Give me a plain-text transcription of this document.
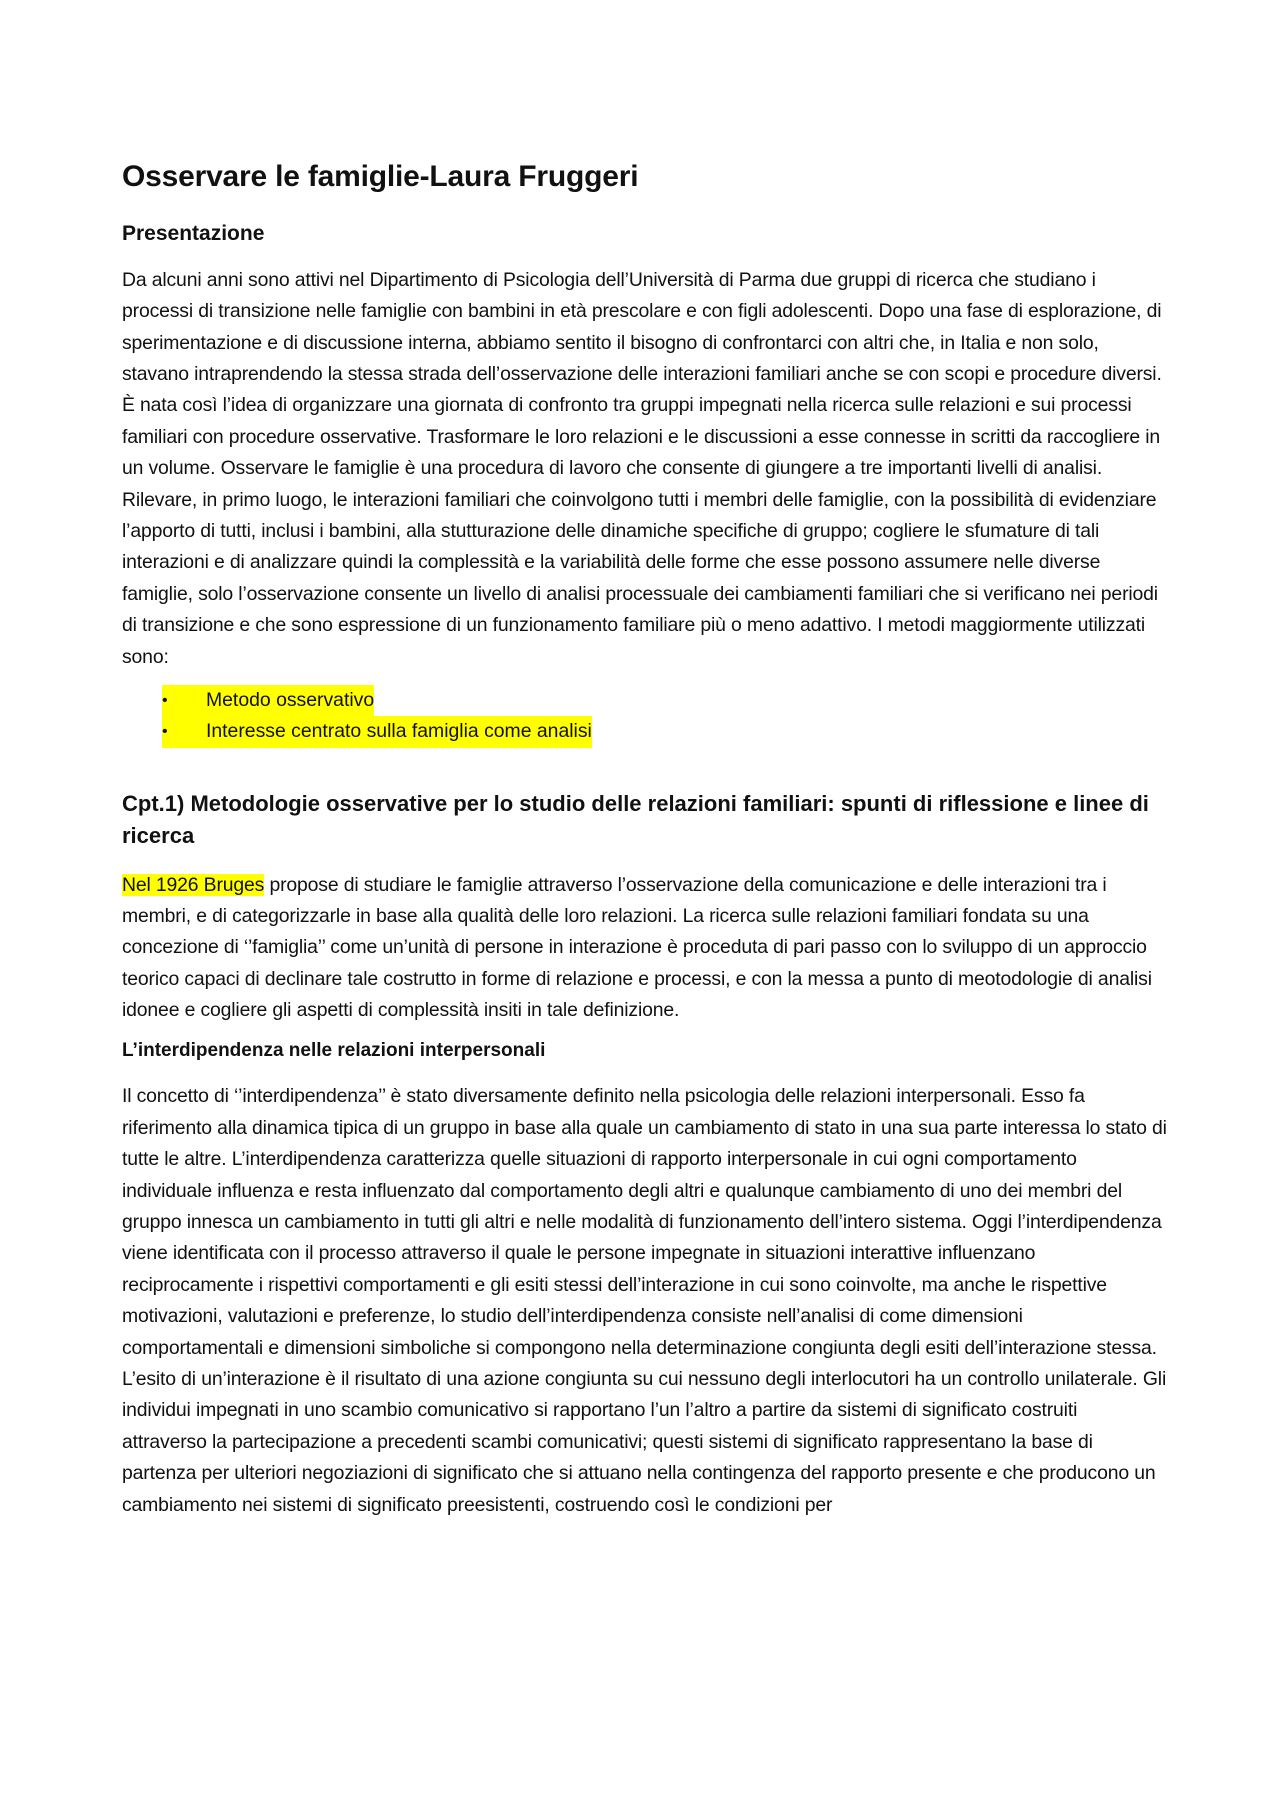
Osservare le famiglie-Laura Fruggeri
Presentazione

Da alcuni anni sono attivi nel Dipartimento di Psicologia dell’Università di Parma due gruppi di ricerca che studiano i processi di transizione nelle famiglie con bambini in età prescolare e con figli adolescenti. Dopo una fase di esplorazione, di sperimentazione e di discussione interna, abbiamo sentito il bisogno di confrontarci con altri che, in Italia e non solo, stavano intraprendendo la stessa strada dell’osservazione delle interazioni familiari anche se con scopi e procedure diversi. È nata così l’idea di organizzare una giornata di confronto tra gruppi impegnati nella ricerca sulle relazioni e sui processi familiari con procedure osservative. Trasformare le loro relazioni e le discussioni a esse connesse in scritti da raccogliere in un volume. Osservare le famiglie è una procedura di lavoro che consente di giungere a tre importanti livelli di analisi. Rilevare, in primo luogo, le interazioni familiari che coinvolgono tutti i membri delle famiglie, con la possibilità di evidenziare l’apporto di tutti, inclusi i bambini, alla stutturazione delle dinamiche specifiche di gruppo; cogliere le sfumature di tali interazioni e di analizzare quindi la complessità e la variabilità delle forme che esse possono assumere nelle diverse famiglie, solo l’osservazione consente un livello di analisi processuale dei cambiamenti familiari che si verificano nei periodi di transizione e che sono espressione di un funzionamento familiare più o meno adattivo. I metodi maggiormente utilizzati sono:

• Metodo osservativo
• Interesse centrato sulla famiglia come analisi
Cpt.1) Metodologie osservative per lo studio delle relazioni familiari: spunti di riflessione e linee di ricerca

Nel 1926 Bruges propose di studiare le famiglie attraverso l’osservazione della comunicazione e delle interazioni tra i membri, e di categorizzarle in base alla qualità delle loro relazioni. La ricerca sulle relazioni familiari fondata su una concezione di ‘’famiglia’’ come un’unità di persone in interazione è proceduta di pari passo con lo sviluppo di un approccio teorico capaci di declinare tale costrutto in forme di relazione e processi, e con la messa a punto di meotodologie di analisi idonee e cogliere gli aspetti di complessità insiti in tale definizione.

L’interdipendenza nelle relazioni interpersonali

Il concetto di ‘’interdipendenza’’ è stato diversamente definito nella psicologia delle relazioni interpersonali. Esso fa riferimento alla dinamica tipica di un gruppo in base alla quale un cambiamento di stato in una sua parte interessa lo stato di tutte le altre. L’interdipendenza caratterizza quelle situazioni di rapporto interpersonale in cui ogni comportamento individuale influenza e resta influenzato dal comportamento degli altri e qualunque cambiamento di uno dei membri del gruppo innesca un cambiamento in tutti gli altri e nelle modalità di funzionamento dell’intero sistema. Oggi l’interdipendenza viene identificata con il processo attraverso il quale le persone impegnate in situazioni interattive influenzano reciprocamente i rispettivi comportamenti e gli esiti stessi dell’interazione in cui sono coinvolte, ma anche le rispettive motivazioni, valutazioni e preferenze, lo studio dell’interdipendenza consiste nell’analisi di come dimensioni comportamentali e dimensioni simboliche si compongono nella determinazione congiunta degli esiti dell’interazione stessa. L’esito di un’interazione è il risultato di una azione congiunta su cui nessuno degli interlocutori ha un controllo unilaterale. Gli individui impegnati in uno scambio comunicativo si rapportano l’un l’altro a partire da sistemi di significato costruiti attraverso la partecipazione a precedenti scambi comunicativi; questi sistemi di significato rappresentano la base di partenza per ulteriori negoziazioni di significato che si attuano nella contingenza del rapporto presente e che producono un cambiamento nei sistemi di significato preesistenti, costruendo così le condizioni per
